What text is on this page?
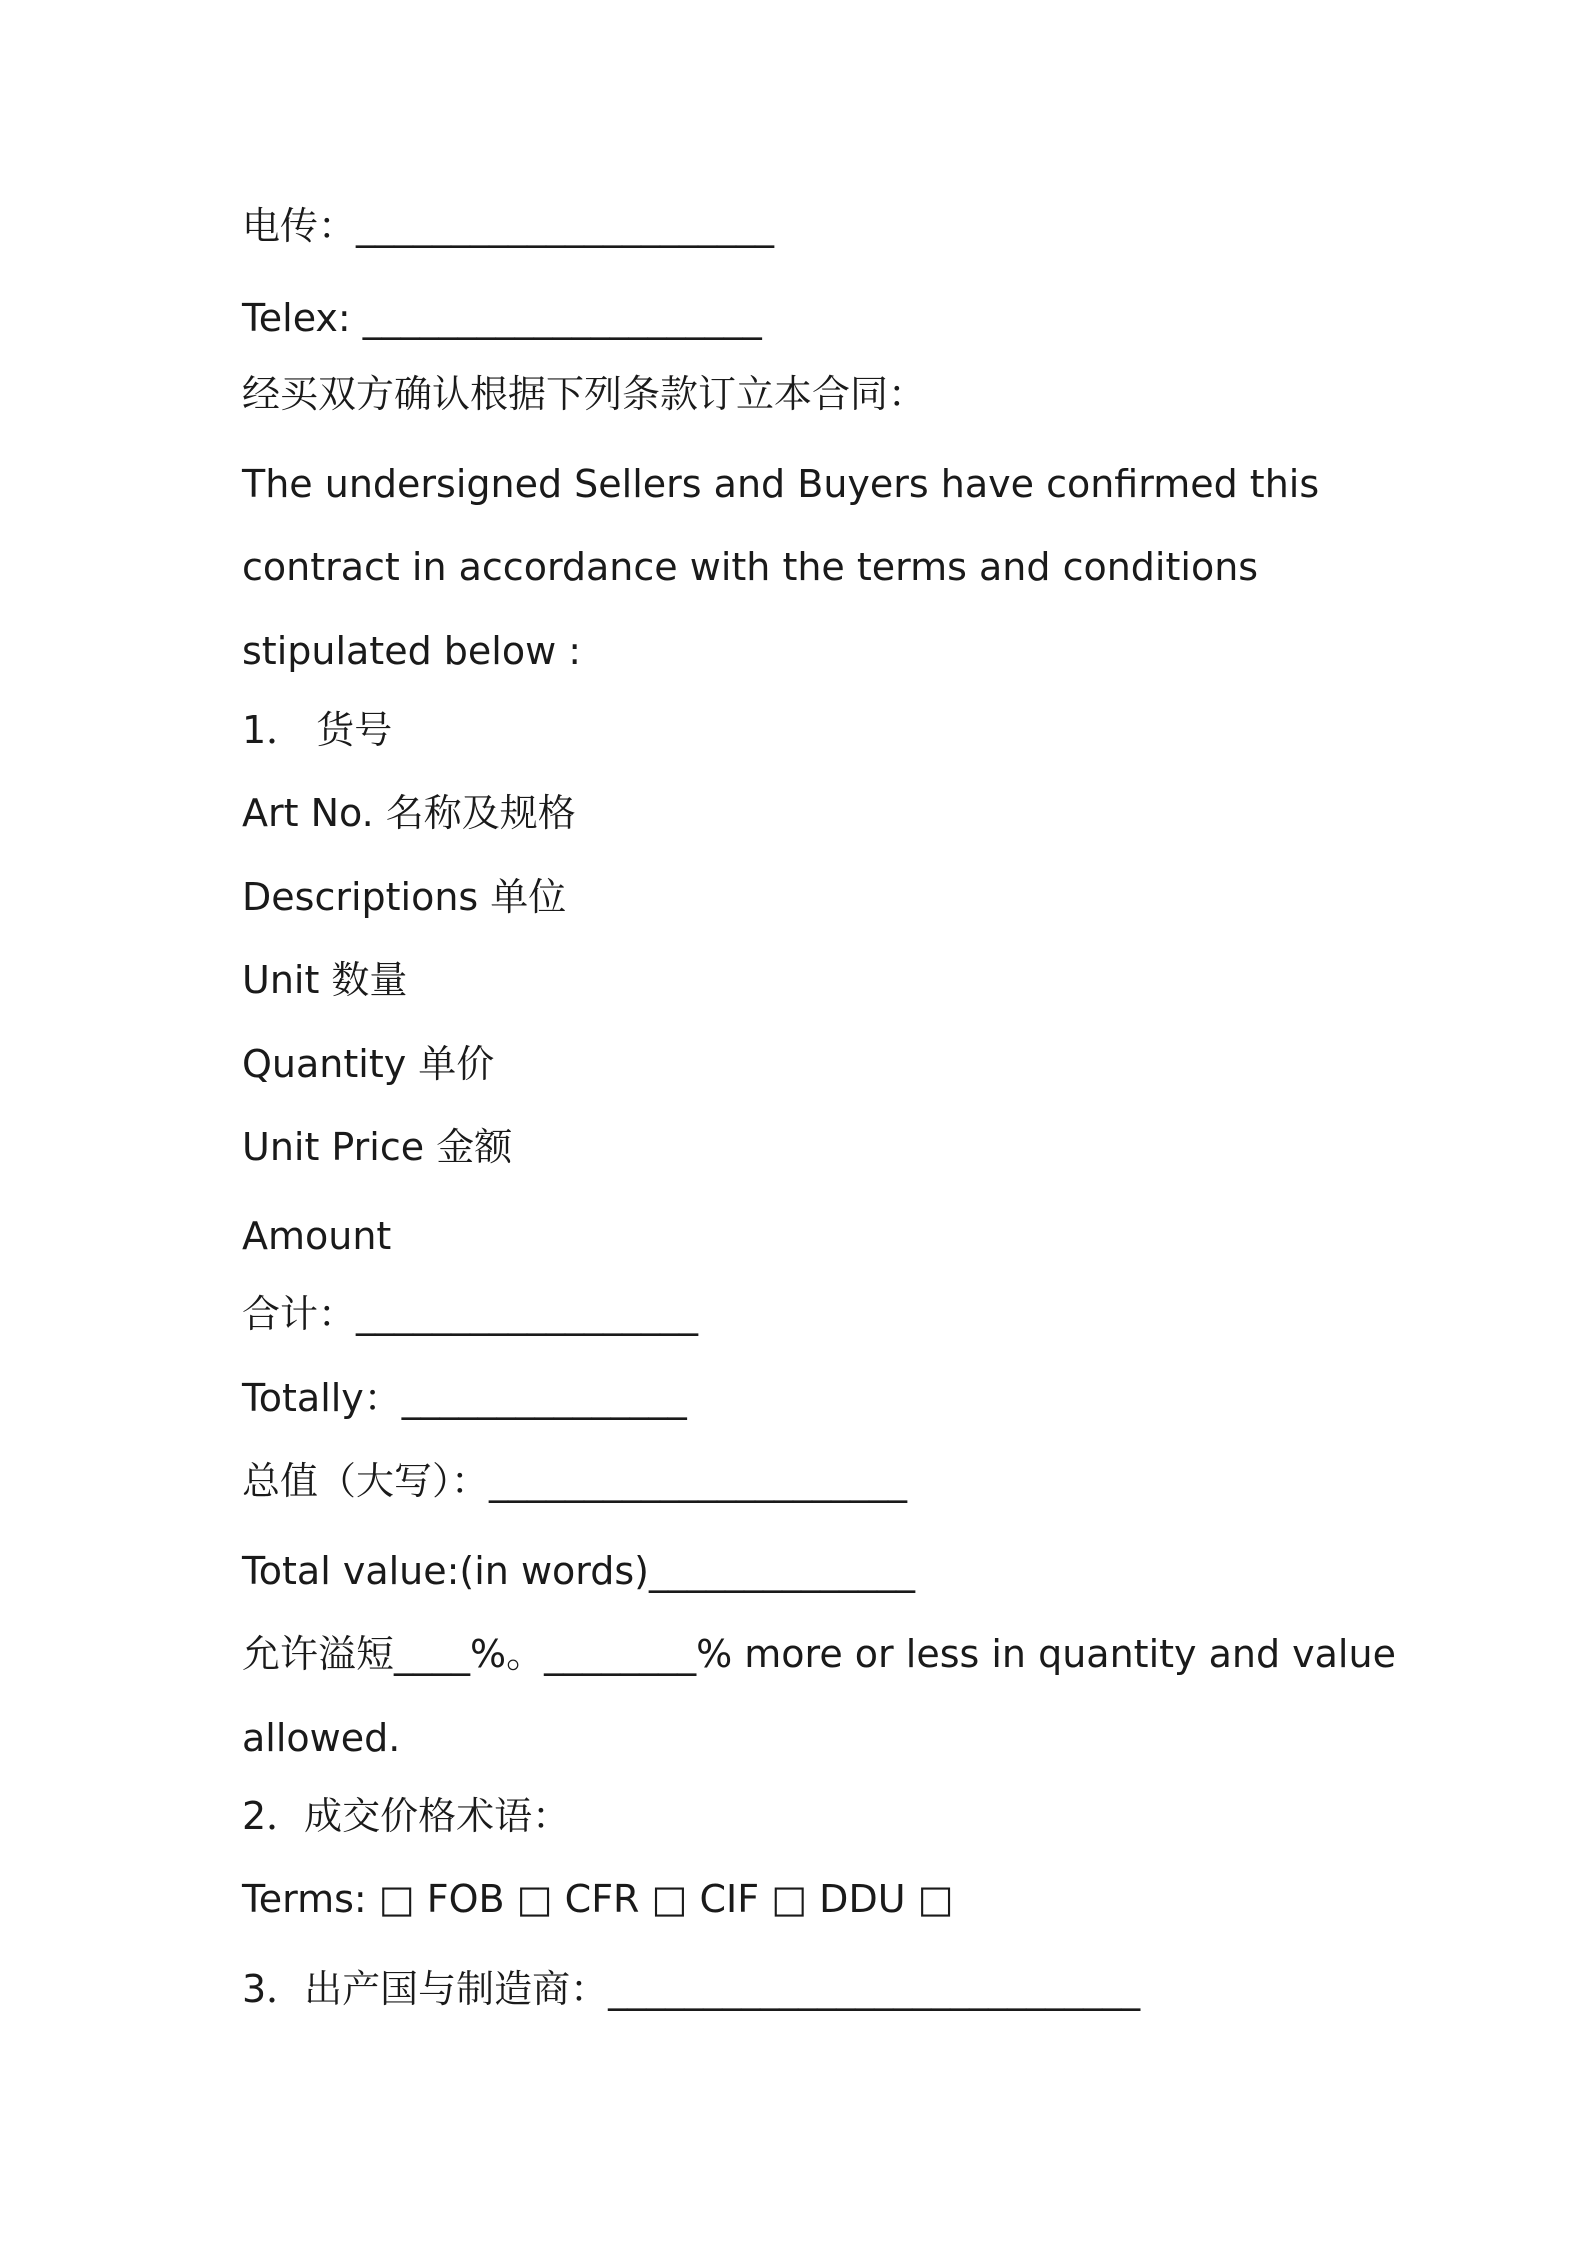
电传：______________________

Telex: _____________________

经买双方确认根据下列条款订立本合同：

The undersigned Sellers and Buyers have confirmed this

contract in accordance with the terms and conditions

stipulated below :

1． 货号

Art No. 名称及规格

Descriptions 单位

Unit 数量

Quantity 单价

Unit Price 金额

Amount

合计：__________________

Totally：_______________

总值（大写）：______________________

Total value:(in words)______________

允许溢短____%。________% more or less in quantity and value

allowed.

2．成交价格术语：

Terms: □ FOB □ CFR □ CIF □ DDU □

3．出产国与制造商：____________________________
